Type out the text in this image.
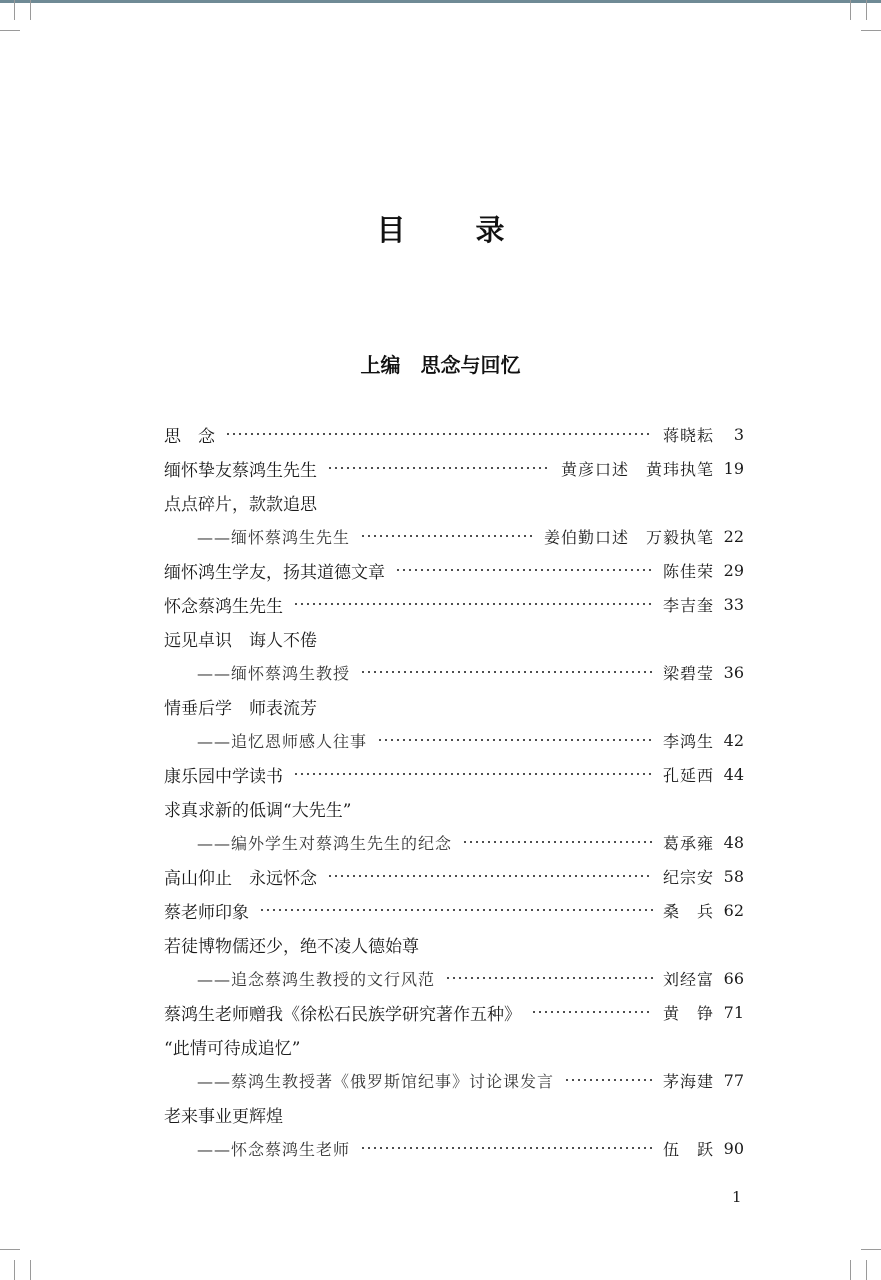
目 录
上编　思念与回忆
思　念	蒋晓耘	3
缅怀挚友蔡鸿生先生	黄彦口述　黄玮执笔 19
点点碎片，款款追思
——缅怀蔡鸿生先生	姜伯勤口述　万毅执笔 22
缅怀鸿生学友，扬其道德文章	陈佳荣 29
怀念蔡鸿生先生	李吉奎 33
远见卓识　诲人不倦
——缅怀蔡鸿生教授	梁碧莹 36
情垂后学　师表流芳
——追忆恩师感人往事	李鸿生 42
康乐园中学读书	孔延西 44
求真求新的低调“大先生”
——编外学生对蔡鸿生先生的纪念	葛承雍 48
高山仰止　永远怀念	纪宗安 58
蔡老师印象	桑　兵 62
若徒博物儒还少，绝不凌人德始尊
——追念蔡鸿生教授的文行风范	刘经富 66
蔡鸿生老师赠我《徐松石民族学研究著作五种》	黄　铮 71
“此情可待成追忆”
——蔡鸿生教授著《俄罗斯馆纪事》讨论课发言	茅海建 77
老来事业更辉煌
——怀念蔡鸿生老师	伍　跃 90
1
